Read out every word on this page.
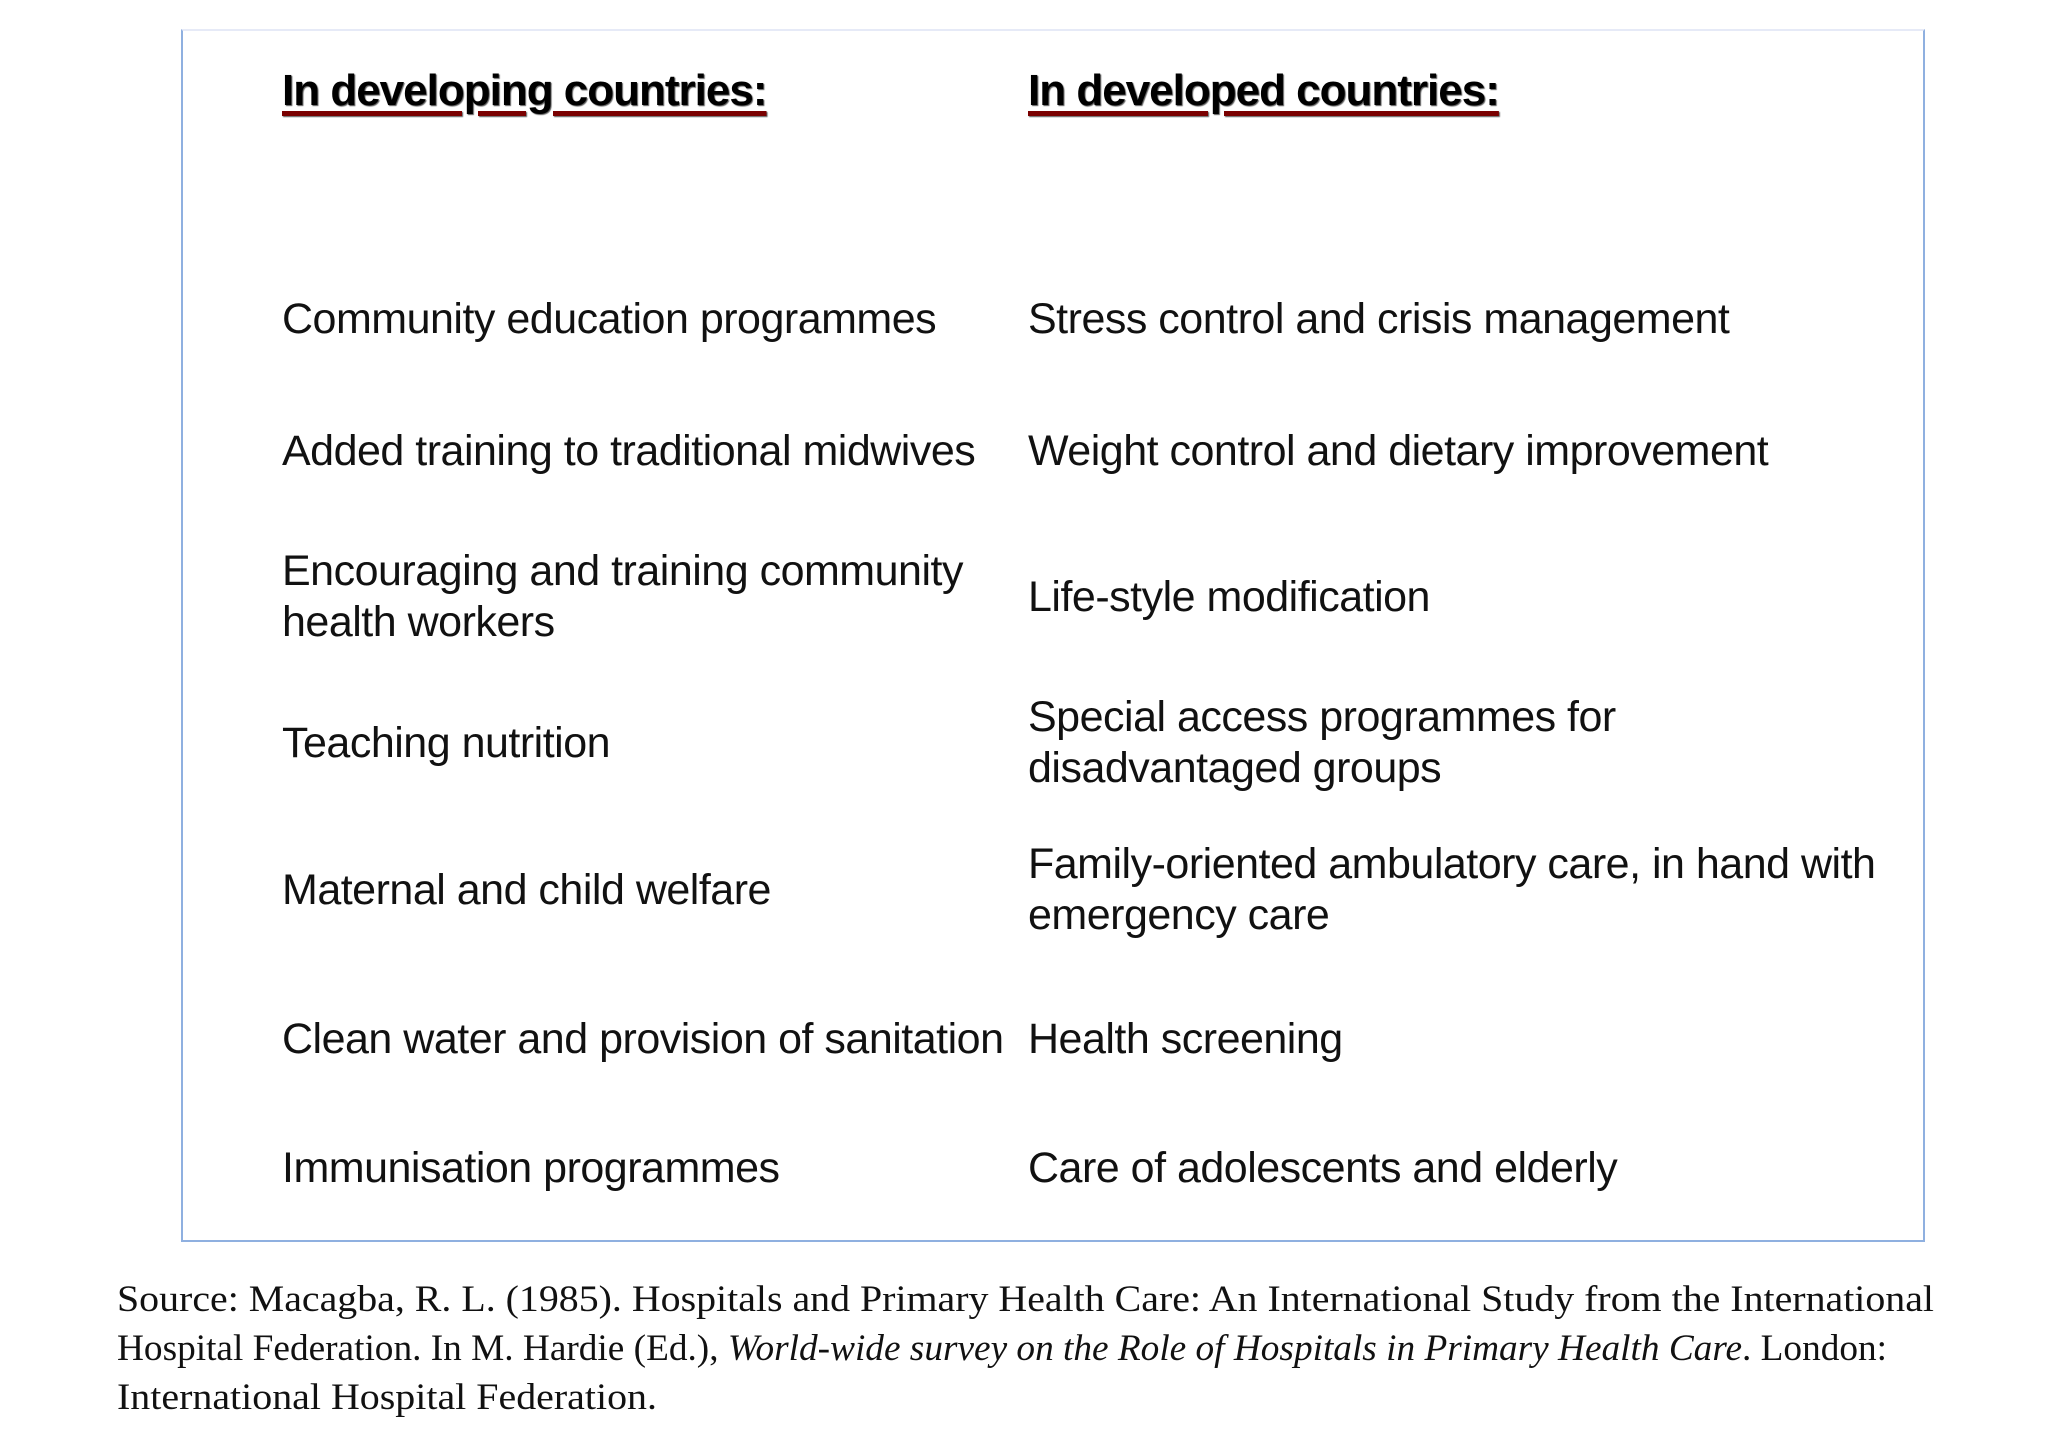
In developing countries:	In developed countries:
Community education programmes
Added training to traditional midwives
Encouraging and training community health workers
Teaching nutrition
Maternal and child welfare
Clean water and provision of sanitation
Immunisation programmes
Stress control and crisis management
Weight control and dietary improvement
Life-style modification
Special access programmes for disadvantaged groups
Family-oriented ambulatory care, in hand with emergency care
Health screening
Care of adolescents and elderly
Source: Macagba, R. L. (1985). Hospitals and Primary Health Care: An International Study from the International
Hospital Federation. In M. Hardie (Ed.), World-wide survey on the Role of Hospitals in Primary Health Care. London:
International Hospital Federation.
